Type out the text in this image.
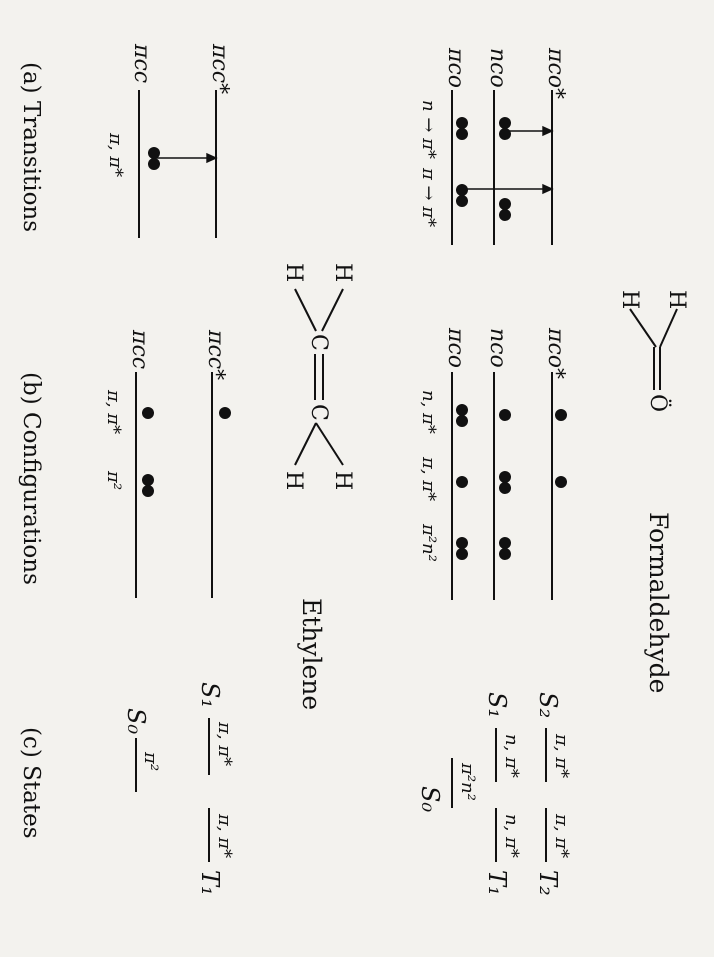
Formaldehyde
H
H
Ö
Ethylene
H
H
C
C
H
H
πco*
nco
πco
πcc*
πcc
n → π*
π → π*
π, π*
πco*
nco
πco
πcc*
πcc
n, π*
π, π*
π²n²
π, π*
π²
S₂
π, π*
π, π*
T₂
S₁
n, π*
n, π*
T₁
π²n²
S₀
S₁
π, π*
π, π*
T₁
S₀
π²
(a) Transitions
(b) Configurations
(c) States
